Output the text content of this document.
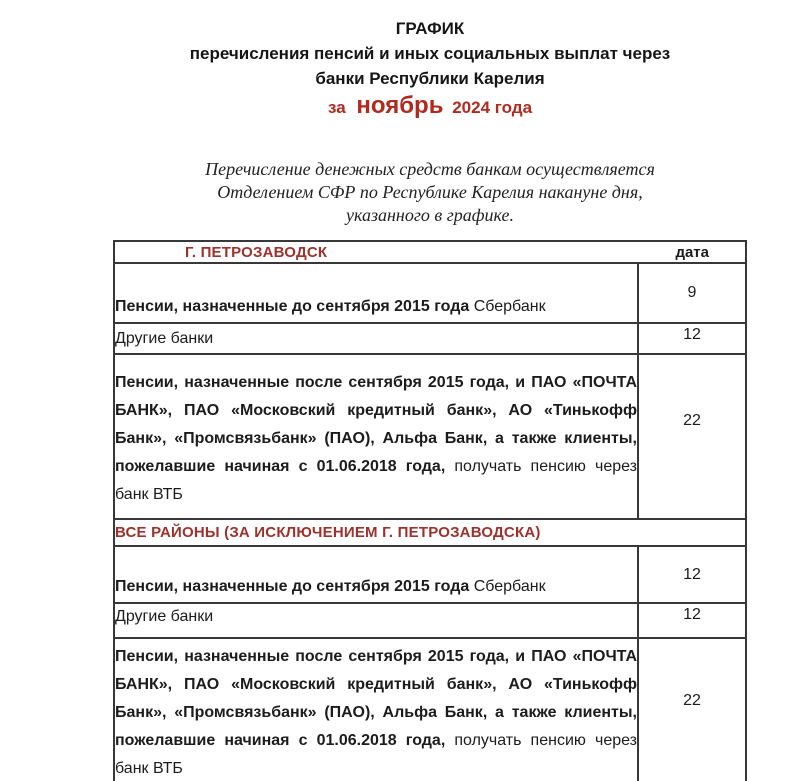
ГРАФИК
перечисления пенсий и иных социальных выплат через
банки Республики Карелия
за ноябрь 2024 года
Перечисление денежных средств банкам осуществляется
Отделением СФР по Республике Карелия накануне дня,
указанного в графике.
Г. ПЕТРОЗАВОДСК дата	

Пенсии, назначенные до сентября 2015 года Сбербанк	9
Другие банки	12
Пенсии, назначенные после сентября 2015 года, и ПАО «ПОЧТА БАНК», ПАО «Московский кредитный банк», АО «Тинькофф Банк», «Промсвязьбанк» (ПАО), Альфа Банк, а также клиенты, пожелавшие начиная с 01.06.2018 года, получать пенсию через банк ВТБ	22
ВСЕ РАЙОНЫ (ЗА ИСКЛЮЧЕНИЕМ Г. ПЕТРОЗАВОДСКА)	
Пенсии, назначенные до сентября 2015 года Сбербанк	12
Другие банки	12
Пенсии, назначенные после сентября 2015 года, и ПАО «ПОЧТА БАНК», ПАО «Московский кредитный банк», АО «Тинькофф Банк», «Промсвязьбанк» (ПАО), Альфа Банк, а также клиенты, пожелавшие начиная с 01.06.2018 года, получать пенсию через банк ВТБ	22
